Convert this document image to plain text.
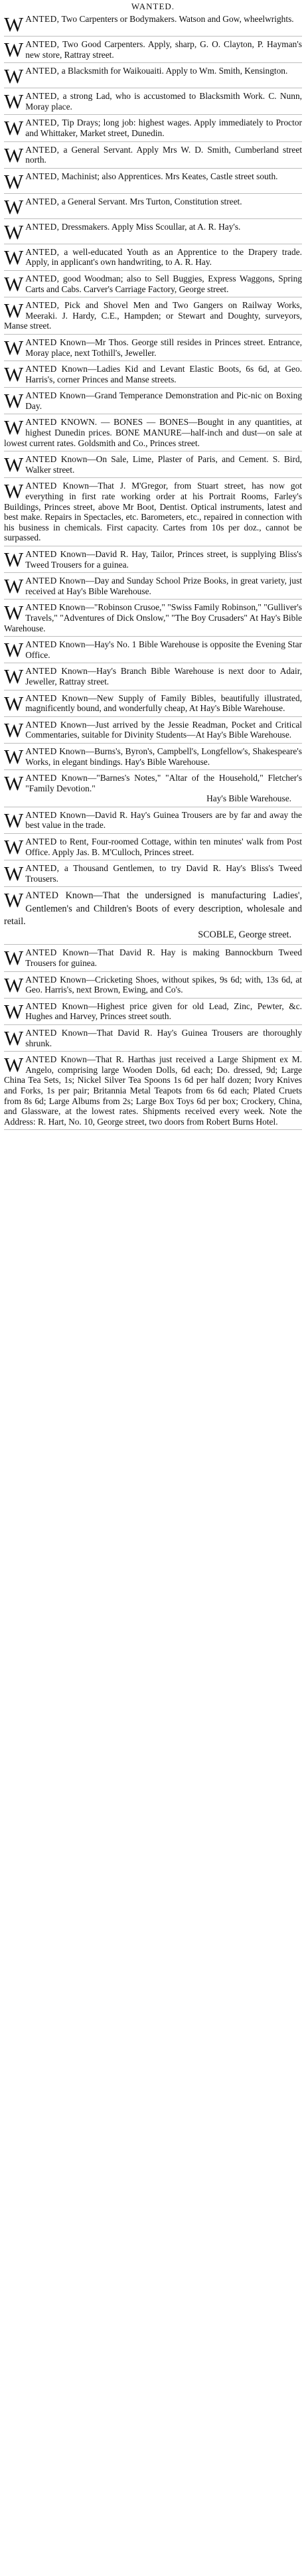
WANTED.
WANTED, Two Carpenters or Bodymakers. Watson and Gow, wheelwrights.
WANTED, Two Good Carpenters. Apply, sharp, G. O. Clayton, P. Hayman's new store, Rattray street.
WANTED, a Blacksmith for Waikouaiti. Apply to Wm. Smith, Kensington.
WANTED, a strong Lad, who is accustomed to Blacksmith Work. C. Nunn, Moray place.
WANTED, Tip Drays; long job: highest wages. Apply immediately to Proctor and Whittaker, Market street, Dunedin.
WANTED, a General Servant. Apply Mrs W. D. Smith, Cumberland street north.
WANTED, Machinist; also Apprentices. Mrs Keates, Castle street south.
WANTED, a General Servant. Mrs Turton, Constitution street.
WANTED, Dressmakers. Apply Miss Scoullar, at A. R. Hay's.
WANTED, a well-educated Youth as an Apprentice to the Drapery trade. Apply, in applicant's own handwriting, to A. R. Hay.
WANTED, good Woodman; also to Sell Buggies, Express Waggons, Spring Carts and Cabs. Carver's Carriage Factory, George street.
WANTED, Pick and Shovel Men and Two Gangers on Railway Works, Meeraki. J. Hardy, C.E., Hampden; or Stewart and Doughty, surveyors, Manse street.
WANTED Known—Mr Thos. George still resides in Princes street. Entrance, Moray place, next Tothill's, Jeweller.
WANTED Known—Ladies Kid and Levant Elastic Boots, 6s 6d, at Geo. Harris's, corner Princes and Manse streets.
WANTED Known—Grand Temperance Demonstration and Pic-nic on Boxing Day.
WANTED KNOWN. — BONES — BONES—Bought in any quantities, at highest Dunedin prices. BONE MANURE—half-inch and dust—on sale at lowest current rates. Goldsmith and Co., Princes street.
WANTED Known—On Sale, Lime, Plaster of Paris, and Cement. S. Bird, Walker street.
WANTED Known—That J. M'Gregor, from Stuart street, has now got everything in first rate working order at his Portrait Rooms, Farley's Buildings, Princes street, above Mr Boot, Dentist. Optical instruments, latest and best make. Repairs in Spectacles, etc. Barometers, etc., repaired in connection with his business in chemicals. First capacity. Cartes from 10s per doz., cannot be surpassed.
WANTED Known—David R. Hay, Tailor, Princes street, is supplying Bliss's Tweed Trousers for a guinea.
WANTED Known—Day and Sunday School Prize Books, in great variety, just received at Hay's Bible Warehouse.
WANTED Known—"Robinson Crusoe," "Swiss Family Robinson," "Gulliver's Travels," "Adventures of Dick Onslow," "The Boy Crusaders" At Hay's Bible Warehouse.
WANTED Known—Hay's No. 1 Bible Warehouse is opposite the Evening Star Office.
WANTED Known—Hay's Branch Bible Warehouse is next door to Adair, Jeweller, Rattray street.
WANTED Known—New Supply of Family Bibles, beautifully illustrated, magnificently bound, and wonderfully cheap, At Hay's Bible Warehouse.
WANTED Known—Just arrived by the Jessie Readman, Pocket and Critical Commentaries, suitable for Divinity Students—At Hay's Bible Warehouse.
WANTED Known—Burns's, Byron's, Campbell's, Longfellow's, Shakespeare's Works, in elegant bindings. Hay's Bible Warehouse.
WANTED Known—"Barnes's Notes," "Altar of the Household," Fletcher's "Family Devotion."
Hay's Bible Warehouse.
WANTED Known—David R. Hay's Guinea Trousers are by far and away the best value in the trade.
WANTED to Rent, Four-roomed Cottage, within ten minutes' walk from Post Office. Apply Jas. B. M'Culloch, Princes street.
WANTED, a Thousand Gentlemen, to try David R. Hay's Bliss's Tweed Trousers.
WANTED Known—That the undersigned is manufacturing Ladies', Gentlemen's and Children's Boots of every description, wholesale and retail.
SCOBLE, George street.
WANTED Known—That David R. Hay is making Bannockburn Tweed Trousers for guinea.
WANTED Known—Cricketing Shoes, without spikes, 9s 6d; with, 13s 6d, at Geo. Harris's, next Brown, Ewing, and Co's.
WANTED Known—Highest price given for old Lead, Zinc, Pewter, &c. Hughes and Harvey, Princes street south.
WANTED Known—That David R. Hay's Guinea Trousers are thoroughly shrunk.
WANTED Known—That R. Harthas just received a Large Shipment ex M. Angelo, comprising large Wooden Dolls, 6d each; Do. dressed, 9d; Large China Tea Sets, 1s; Nickel Silver Tea Spoons 1s 6d per half dozen; Ivory Knives and Forks, 1s per pair; Britannia Metal Teapots from 6s 6d each; Plated Cruets from 8s 6d; Large Albums from 2s; Large Box Toys 6d per box; Crockery, China, and Glassware, at the lowest rates. Shipments received every week. Note the Address: R. Hart, No. 10, George street, two doors from Robert Burns Hotel.
